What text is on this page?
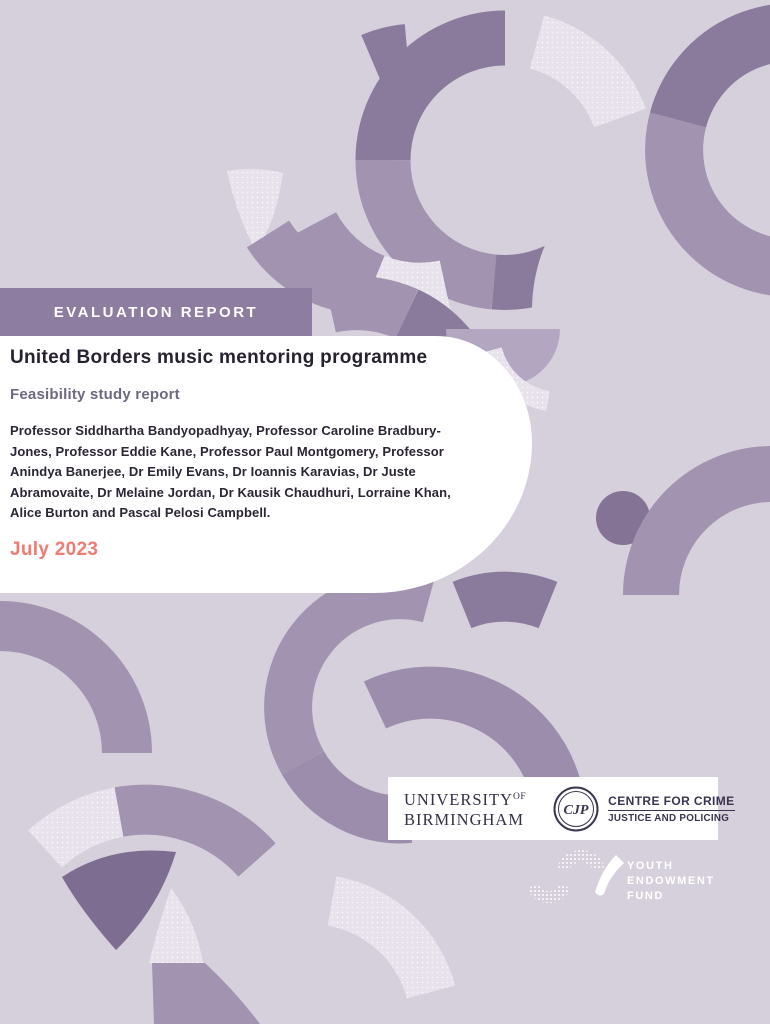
EVALUATION REPORT
United Borders music mentoring programme
Feasibility study report
Professor Siddhartha Bandyopadhyay, Professor Caroline Bradbury-Jones, Professor Eddie Kane, Professor Paul Montgomery, Professor Anindya Banerjee, Dr Emily Evans, Dr Ioannis Karavias, Dr Juste Abramovaite, Dr Melaine Jordan, Dr Kausik Chaudhuri, Lorraine Khan, Alice Burton and Pascal Pelosi Campbell.
July 2023
$UNIVERSITY^{OF}$
BIRMINGHAM	CJP
CENTRE FOR CRIME
JUSTICE AND POLICING
YOUTH
ENDOWMENT
FUND
